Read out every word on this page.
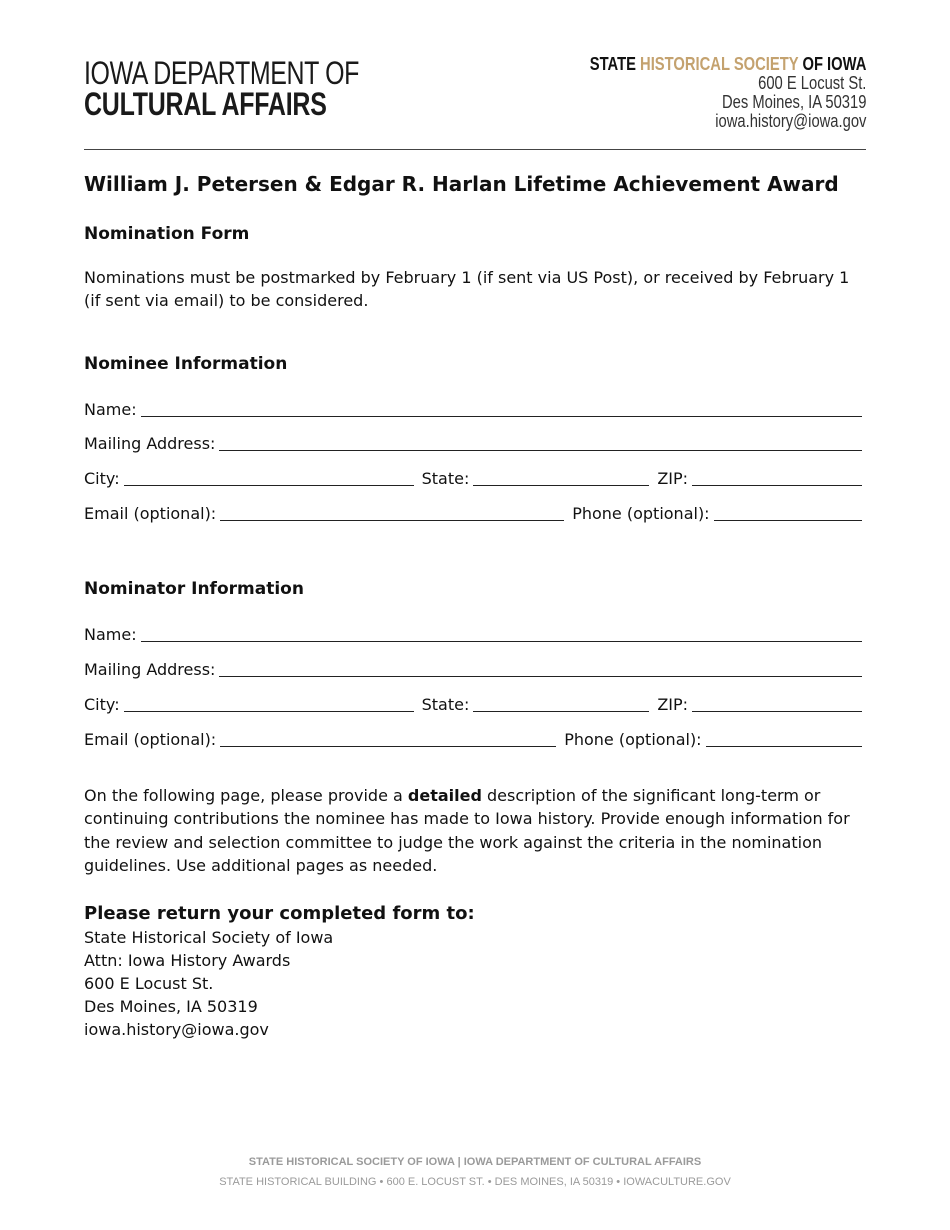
IOWA DEPARTMENT OF
CULTURAL AFFAIRS
STATE HISTORICAL SOCIETY OF IOWA
600 E Locust St.
Des Moines, IA 50319
iowa.history@iowa.gov
William J. Petersen & Edgar R. Harlan Lifetime Achievement Award
Nomination Form
Nominations must be postmarked by February 1 (if sent via US Post), or received by February 1 (if sent via email) to be considered.
Nominee Information
Name:
Mailing Address:
City:	State:	ZIP:
Email (optional):	Phone (optional):
Nominator Information
Name:
Mailing Address:
City:	State:	ZIP:
Email (optional):	Phone (optional):
On the following page, please provide a detailed description of the significant long-term or continuing contributions the nominee has made to Iowa history. Provide enough information for the review and selection committee to judge the work against the criteria in the nomination guidelines. Use additional pages as needed.
Please return your completed form to:
State Historical Society of Iowa
Attn: Iowa History Awards
600 E Locust St.
Des Moines, IA 50319
iowa.history@iowa.gov
STATE HISTORICAL SOCIETY OF IOWA | IOWA DEPARTMENT OF CULTURAL AFFAIRS
STATE HISTORICAL BUILDING • 600 E. LOCUST ST. • DES MOINES, IA 50319 • IOWACULTURE.GOV
